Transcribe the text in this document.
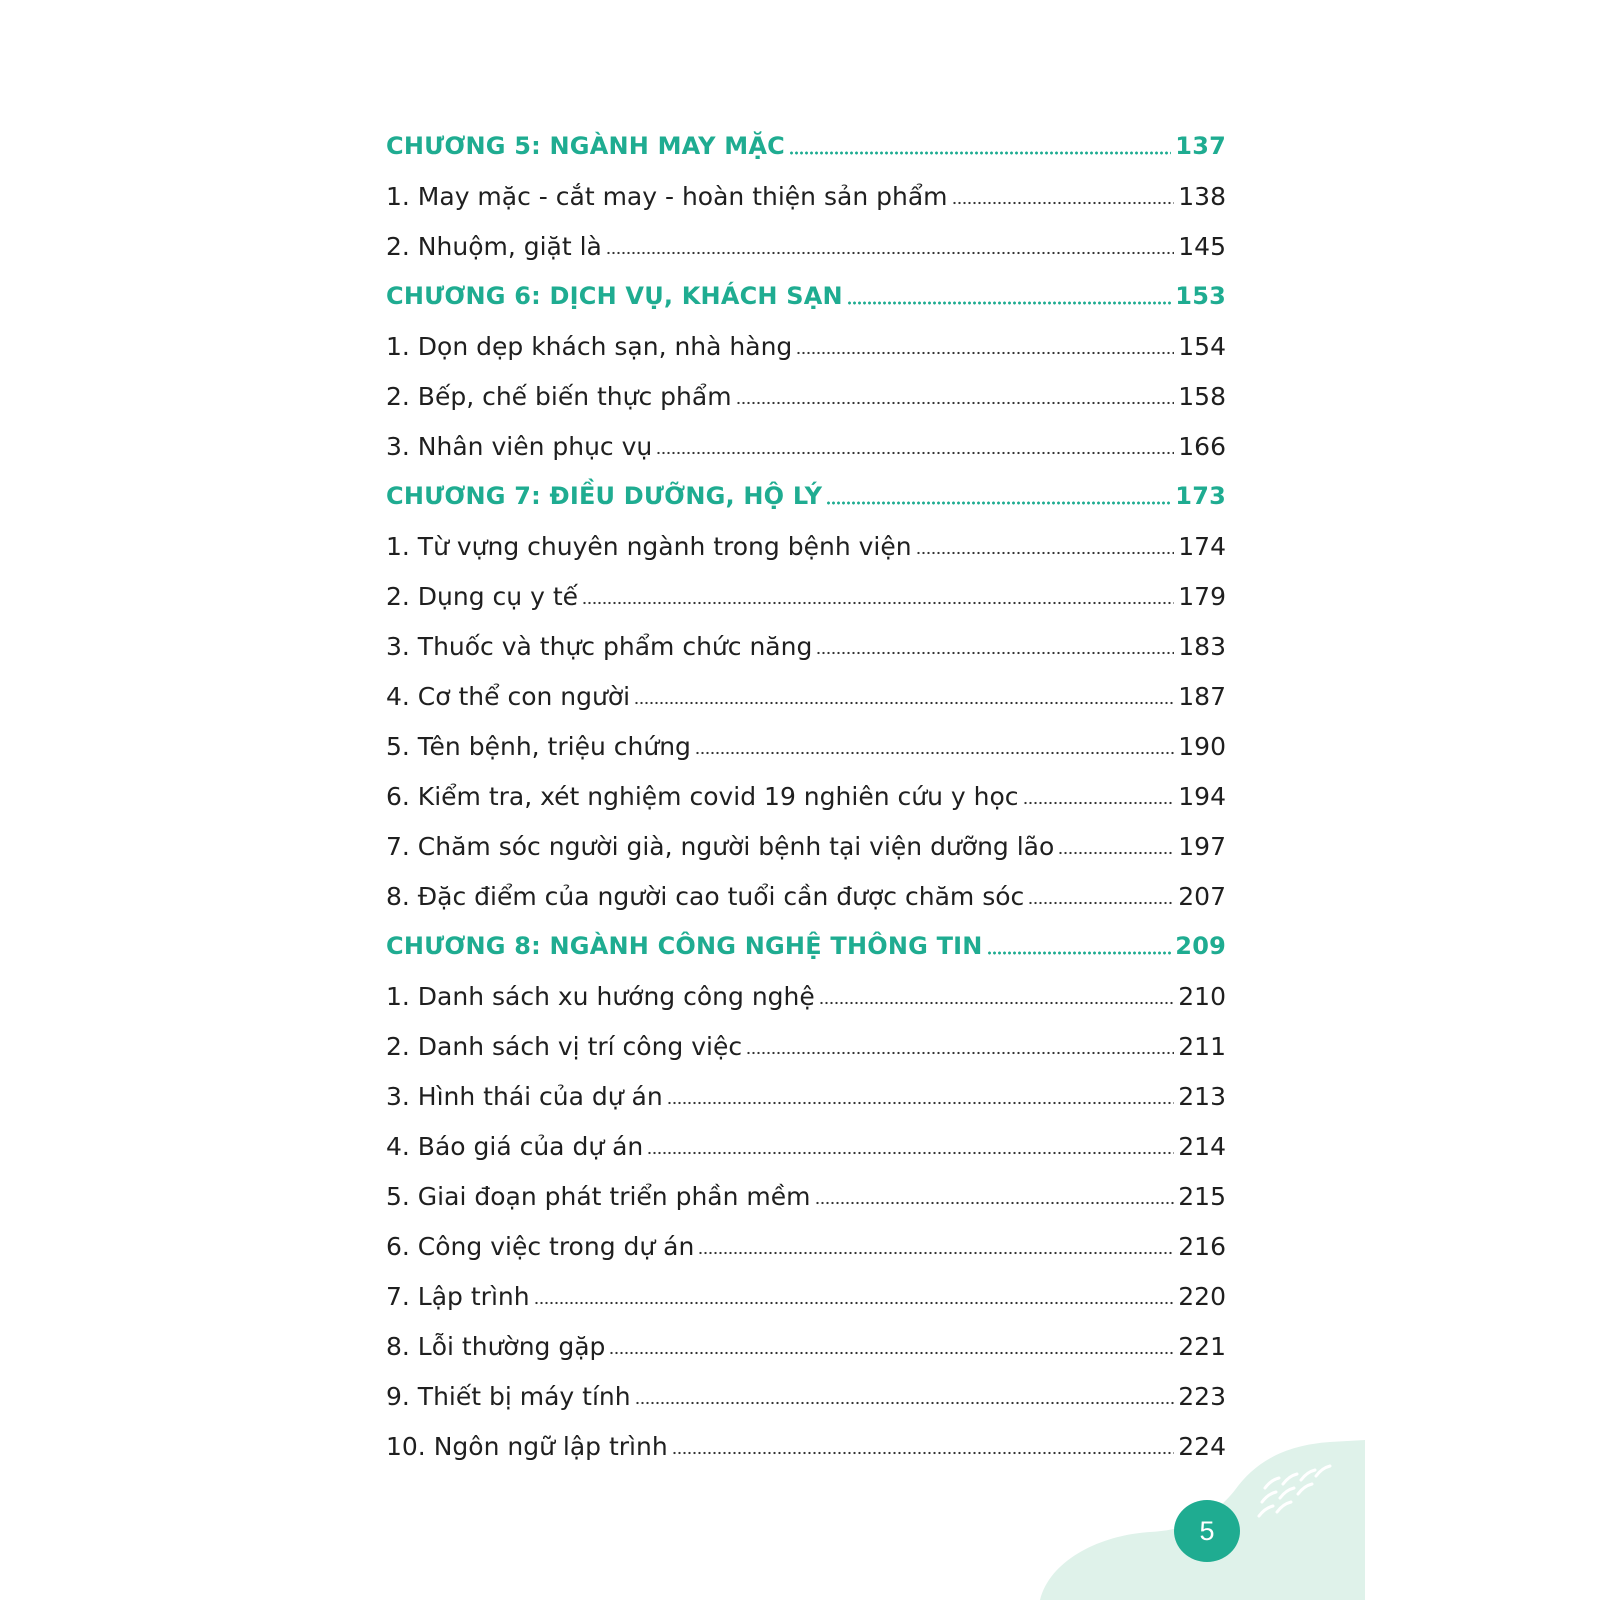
CHƯƠNG 5: NGÀNH MAY MẶC	137
1. May mặc - cắt may - hoàn thiện sản phẩm	138
2. Nhuộm, giặt là	145
CHƯƠNG 6: DỊCH VỤ, KHÁCH SẠN	153
1. Dọn dẹp khách sạn, nhà hàng	154
2. Bếp, chế biến thực phẩm	158
3. Nhân viên phục vụ	166
CHƯƠNG 7: ĐIỀU DƯỠNG, HỘ LÝ	173
1. Từ vựng chuyên ngành trong bệnh viện	174
2. Dụng cụ y tế	179
3. Thuốc và thực phẩm chức năng	183
4. Cơ thể con người	187
5. Tên bệnh, triệu chứng	190
6. Kiểm tra, xét nghiệm covid 19 nghiên cứu y học	194
7. Chăm sóc người già, người bệnh tại viện dưỡng lão	197
8. Đặc điểm của người cao tuổi cần được chăm sóc	207
CHƯƠNG 8: NGÀNH CÔNG NGHỆ THÔNG TIN	209
1. Danh sách xu hướng công nghệ	210
2. Danh sách vị trí công việc	211
3. Hình thái của dự án	213
4. Báo giá của dự án	214
5. Giai đoạn phát triển phần mềm	215
6. Công việc trong dự án	216
7. Lập trình	220
8. Lỗi thường gặp	221
9. Thiết bị máy tính	223
10. Ngôn ngữ lập trình	224
5
